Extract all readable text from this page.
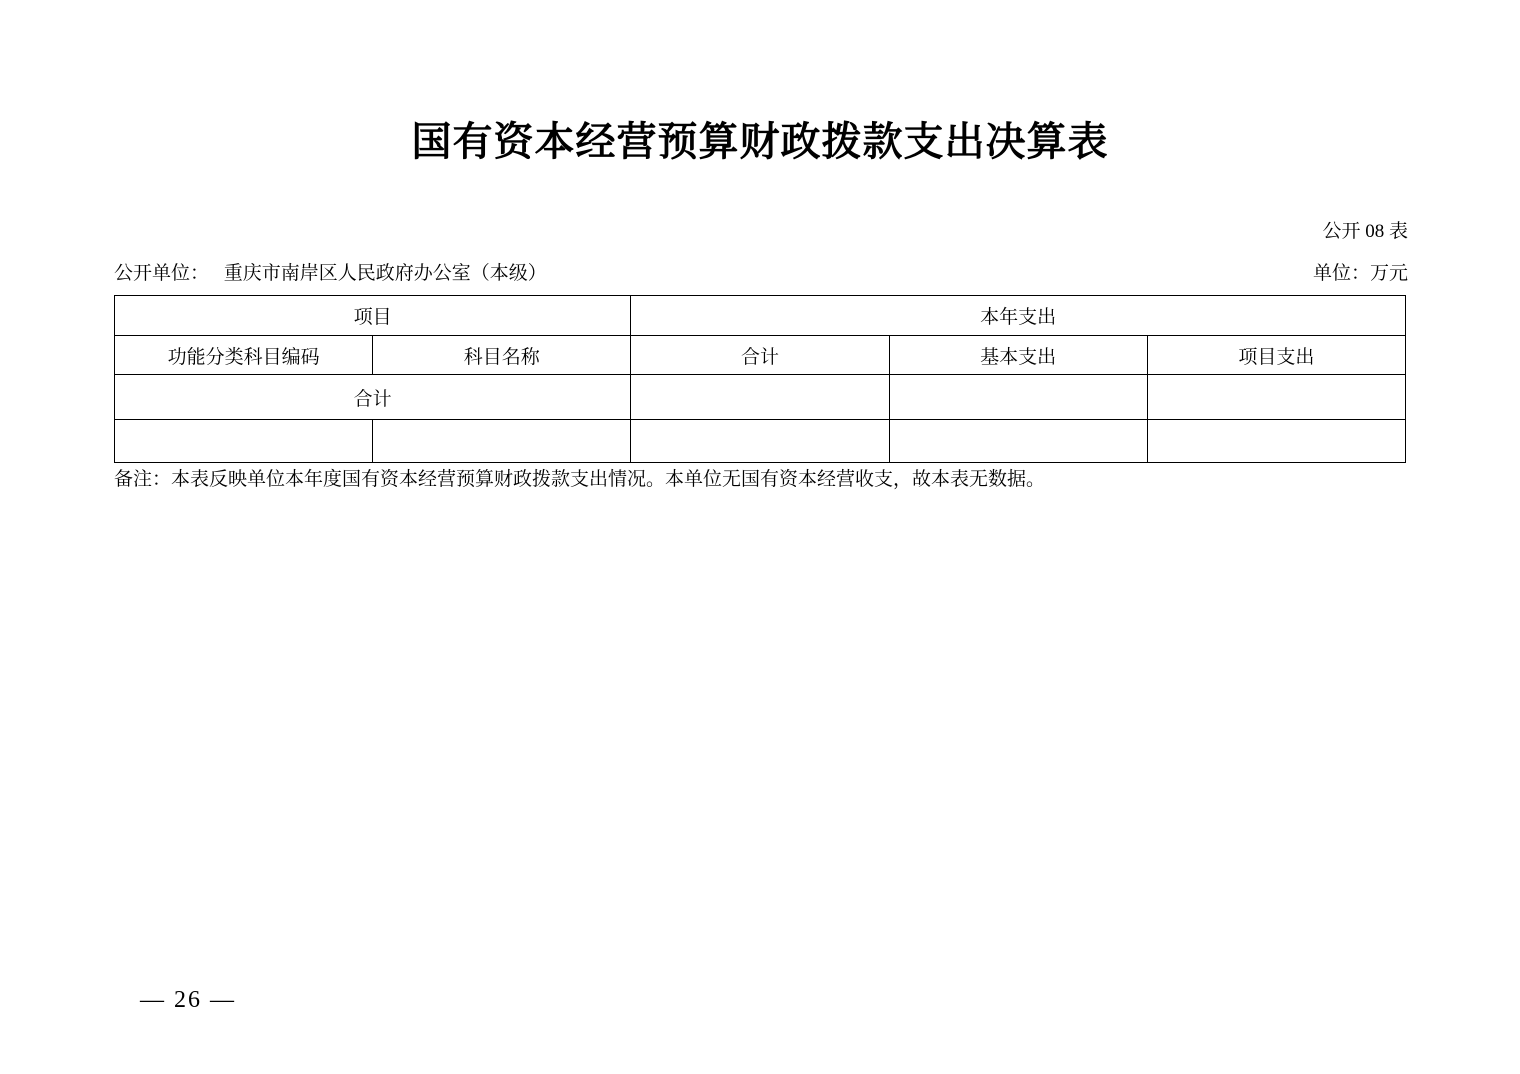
国有资本经营预算财政拨款支出决算表
公开 08 表
公开单位： 重庆市南岸区人民政府办公室（本级）	单位：万元
项目		本年支出		
功能分类科目编码	科目名称	合计	基本支出	项目支出
合计				

备注：本表反映单位本年度国有资本经营预算财政拨款支出情况。本单位无国有资本经营收支，故本表无数据。
— 26 —
